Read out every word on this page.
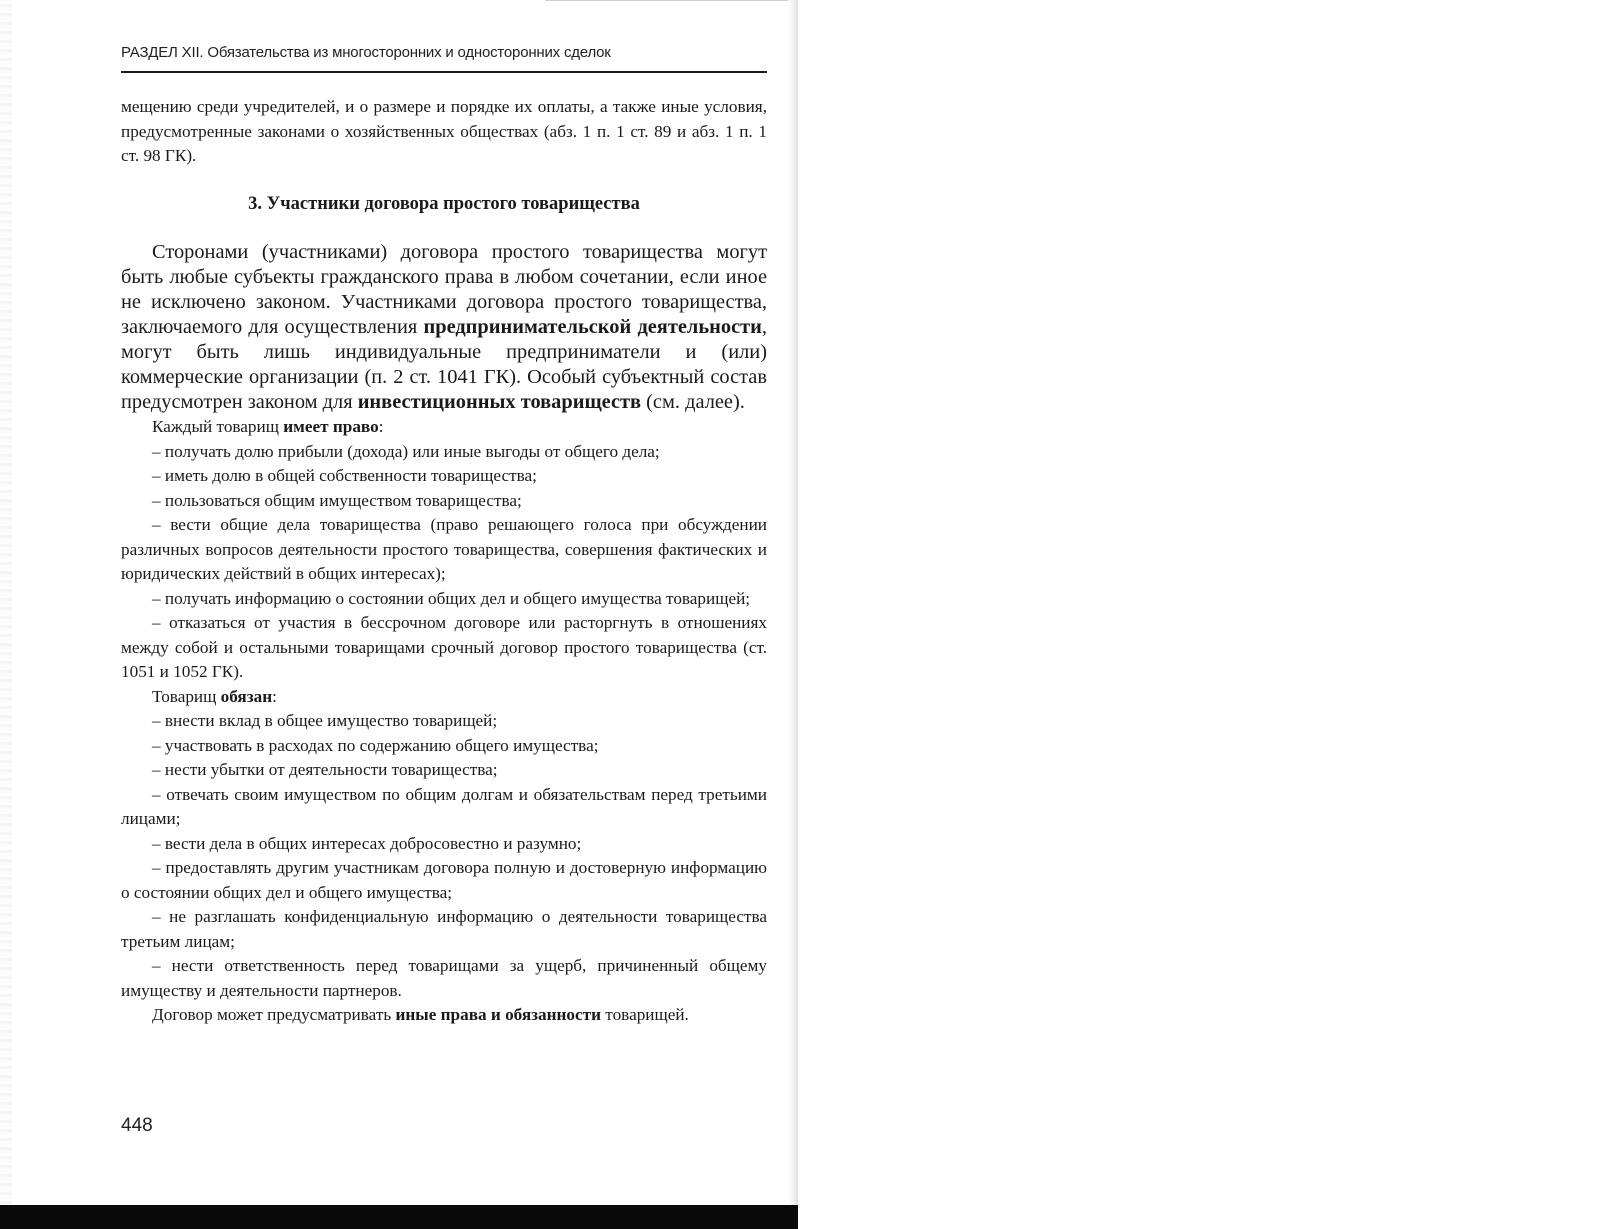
РАЗДЕЛ XII. Обязательства из многосторонних и односторонних сделок

мещению среди учредителей, и о размере и порядке их оплаты, а также иные условия, предусмотренные законами о хозяйственных обществах (абз. 1 п. 1 ст. 89 и абз. 1 п. 1 ст. 98 ГК).

3. Участники договора простого товарищества

Сторонами (участниками) договора простого товарищества могут быть любые субъекты гражданского права в любом сочетании, если иное не исключено законом. Участниками договора простого товарищества, заключаемого для осуществления предпринимательской деятельности, могут быть лишь индивидуальные предприниматели и (или) коммерческие организации (п. 2 ст. 1041 ГК). Особый субъектный состав предусмотрен законом для инвестиционных товариществ (см. далее).

Каждый товарищ имеет право:

– получать долю прибыли (дохода) или иные выгоды от общего дела;

– иметь долю в общей собственности товарищества;

– пользоваться общим имуществом товарищества;

– вести общие дела товарищества (право решающего голоса при обсуждении различных вопросов деятельности простого товарищества, совершения фактических и юридических действий в общих интересах);

– получать информацию о состоянии общих дел и общего имущества товарищей;

– отказаться от участия в бессрочном договоре или расторгнуть в отношениях между собой и остальными товарищами срочный договор простого товарищества (ст. 1051 и 1052 ГК).

Товарищ обязан:

– внести вклад в общее имущество товарищей;

– участвовать в расходах по содержанию общего имущества;

– нести убытки от деятельности товарищества;

– отвечать своим имуществом по общим долгам и обязательствам перед третьими лицами;

– вести дела в общих интересах добросовестно и разумно;

– предоставлять другим участникам договора полную и достоверную информацию о состоянии общих дел и общего имущества;

– не разглашать конфиденциальную информацию о деятельности товарищества третьим лицам;

– нести ответственность перед товарищами за ущерб, причиненный общему имуществу и деятельности партнеров.

Договор может предусматривать иные права и обязанности товарищей.

448
